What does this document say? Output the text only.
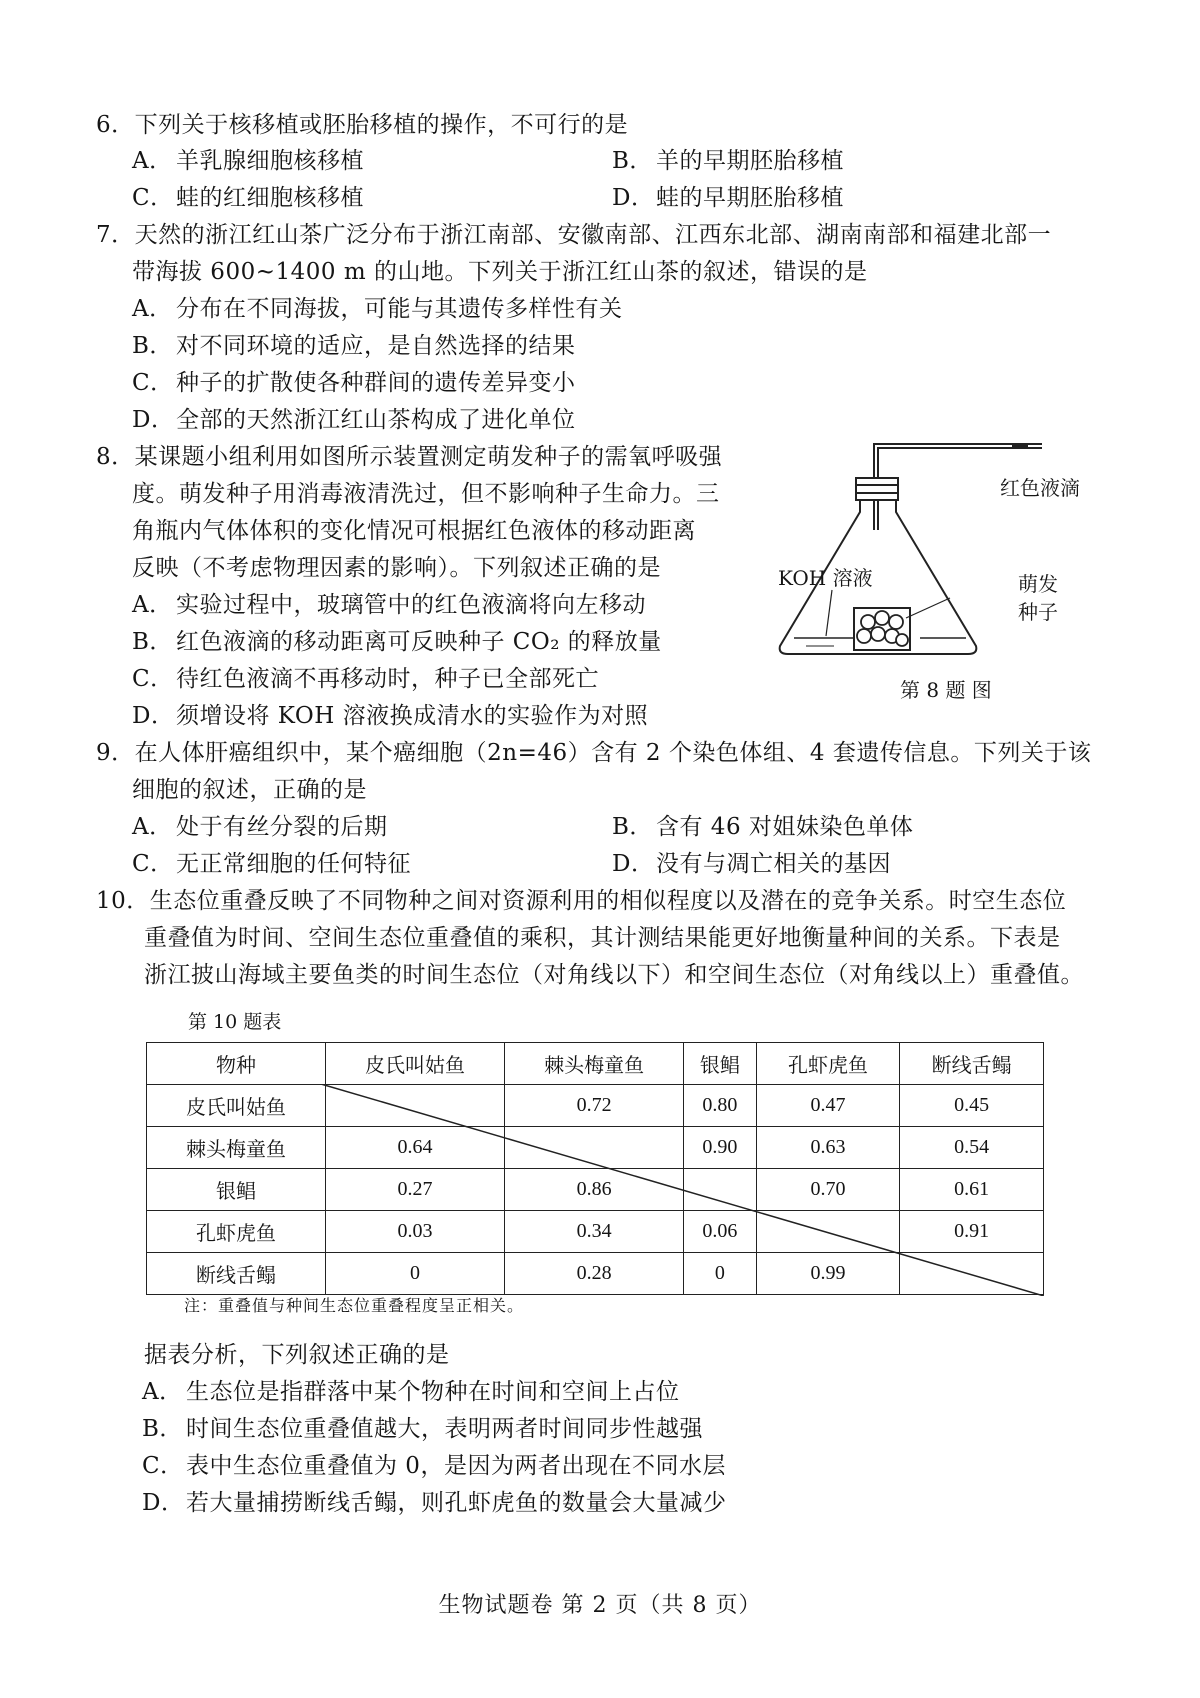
6．下列关于核移植或胚胎移植的操作，不可行的是
A． 羊乳腺细胞核移植	B． 羊的早期胚胎移植
C． 蛙的红细胞核移植	D．蛙的早期胚胎移植
7．天然的浙江红山茶广泛分布于浙江南部、安徽南部、江西东北部、湖南南部和福建北部一
带海拔 600~1400 m 的山地。下列关于浙江红山茶的叙述，错误的是
A． 分布在不同海拔，可能与其遗传多样性有关
B． 对不同环境的适应，是自然选择的结果
C． 种子的扩散使各种群间的遗传差异变小
D．全部的天然浙江红山茶构成了进化单位
8．某课题小组利用如图所示装置测定萌发种子的需氧呼吸强
度。萌发种子用消毒液清洗过，但不影响种子生命力。三
角瓶内气体体积的变化情况可根据红色液体的移动距离
反映（不考虑物理因素的影响）。下列叙述正确的是
A． 实验过程中，玻璃管中的红色液滴将向左移动
B． 红色液滴的移动距离可反映种子 CO₂ 的释放量
C． 待红色液滴不再移动时，种子已全部死亡
D．须增设将 KOH 溶液换成清水的实验作为对照
红色液滴
KOH 溶液	萌发
种子
第 8 题 图
9．在人体肝癌组织中，某个癌细胞（2n=46）含有 2 个染色体组、4 套遗传信息。下列关于该
细胞的叙述，正确的是
A． 处于有丝分裂的后期	B． 含有 46 对姐妹染色单体
C． 无正常细胞的任何特征	D．没有与凋亡相关的基因
10．生态位重叠反映了不同物种之间对资源利用的相似程度以及潜在的竞争关系。时空生态位
重叠值为时间、空间生态位重叠值的乘积，其计测结果能更好地衡量种间的关系。下表是
浙江披山海域主要鱼类的时间生态位（对角线以下）和空间生态位（对角线以上）重叠值。
第 10 题表
物种	皮氏叫姑鱼	棘头梅童鱼	银鲳	孔虾虎鱼	断线舌鳎
皮氏叫姑鱼		0.72	0.80	0.47	0.45
棘头梅童鱼	0.64		0.90	0.63	0.54
银鲳	0.27	0.86		0.70	0.61
孔虾虎鱼	0.03	0.34	0.06		0.91
断线舌鳎	0	0.28	0	0.99	
注：重叠值与种间生态位重叠程度呈正相关。
据表分析，下列叙述正确的是
A． 生态位是指群落中某个物种在时间和空间上占位
B． 时间生态位重叠值越大，表明两者时间同步性越强
C． 表中生态位重叠值为 0，是因为两者出现在不同水层
D．若大量捕捞断线舌鳎，则孔虾虎鱼的数量会大量减少
生物试题卷 第 2 页（共 8 页）
